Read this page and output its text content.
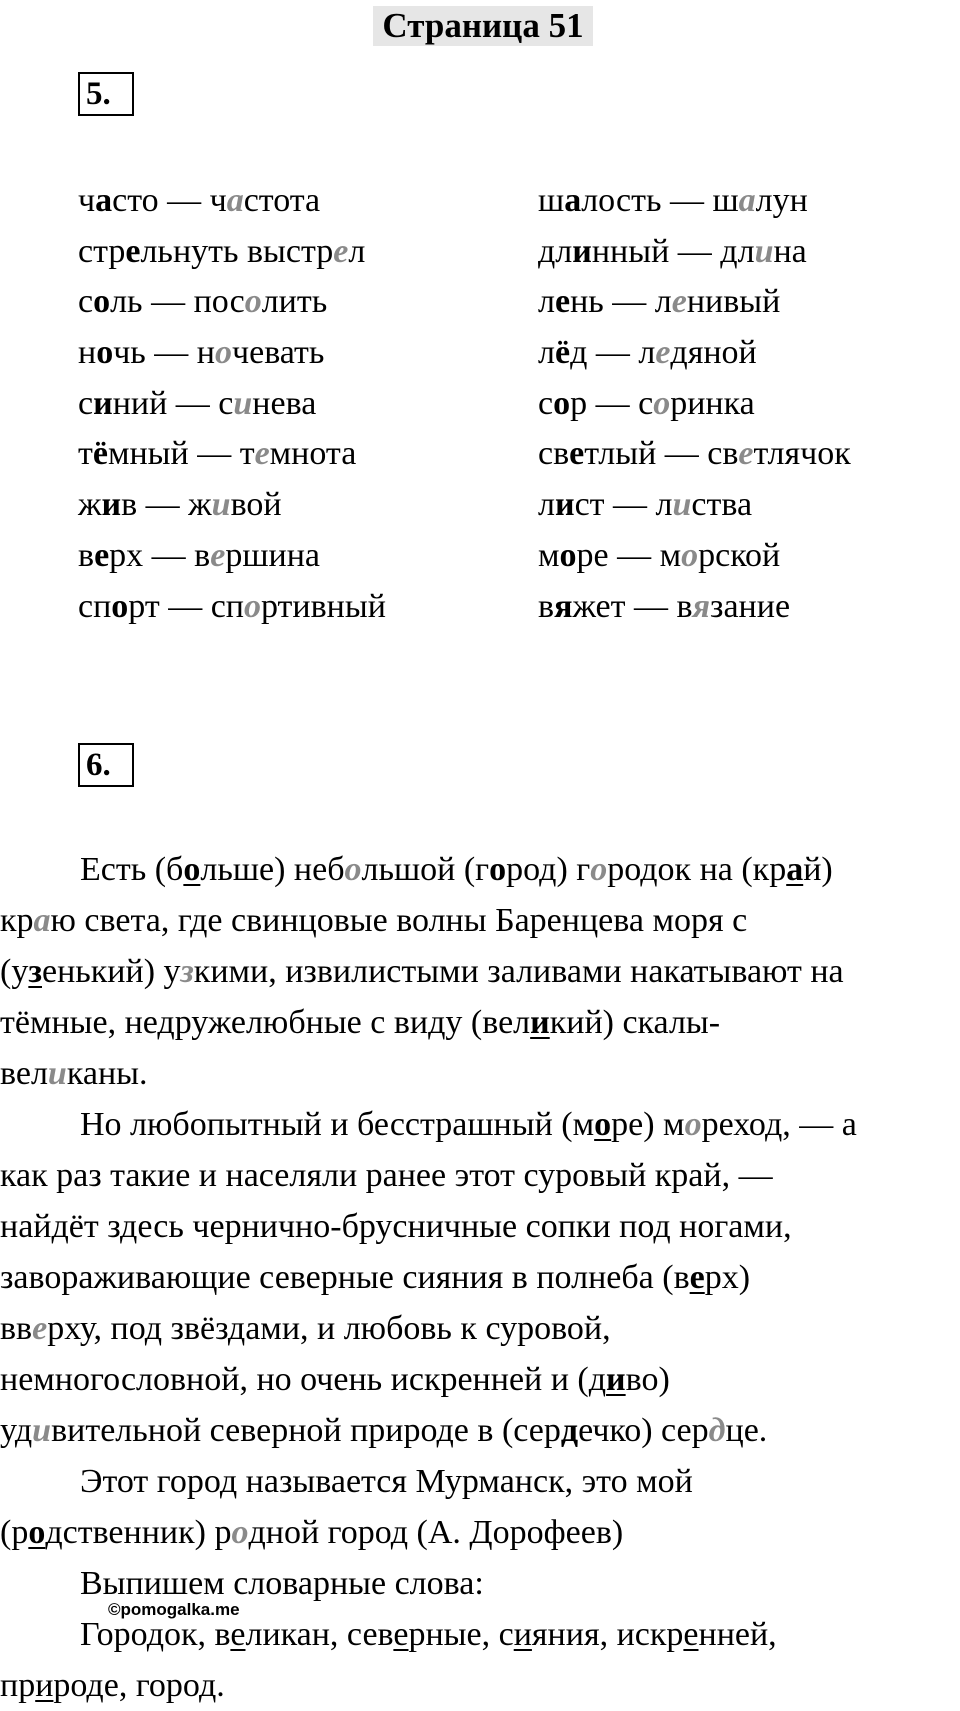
Страница 51
5.
часто — частота
стрельнуть выстрел
соль — посолить
ночь — ночевать
синий — синева
тёмный — темнота
жив — живой
верх — вершина
спорт — спортивный
шалость — шалун
длинный — длина
лень — ленивый
лёд — ледяной
сор — соринка
светлый — светлячок
лист — листва
море — морской
вяжет — вязание
6.
Есть (больше) небольшой (город) городок на (край)
краю света, где свинцовые волны Баренцева моря с
(узенький) узкими, извилистыми заливами накатывают на
тёмные, недружелюбные с виду (великий) скалы-
великаны.
Но любопытный и бесстрашный (море) мореход, — а
как раз такие и населяли ранее этот суровый край, —
найдёт здесь чернично-брусничные сопки под ногами,
завораживающие северные сияния в полнеба (верх)
вверху, под звёздами, и любовь к суровой,
немногословной, но очень искренней и (диво)
удивительной северной природе в (сердечко) сердце.
Этот город называется Мурманск, это мой
(родственник) родной город (А. Дорофеев)
Выпишем словарные слова:
Городок, великан, северные, сияния, искренней,
природе, город.
©pomogalka.me
